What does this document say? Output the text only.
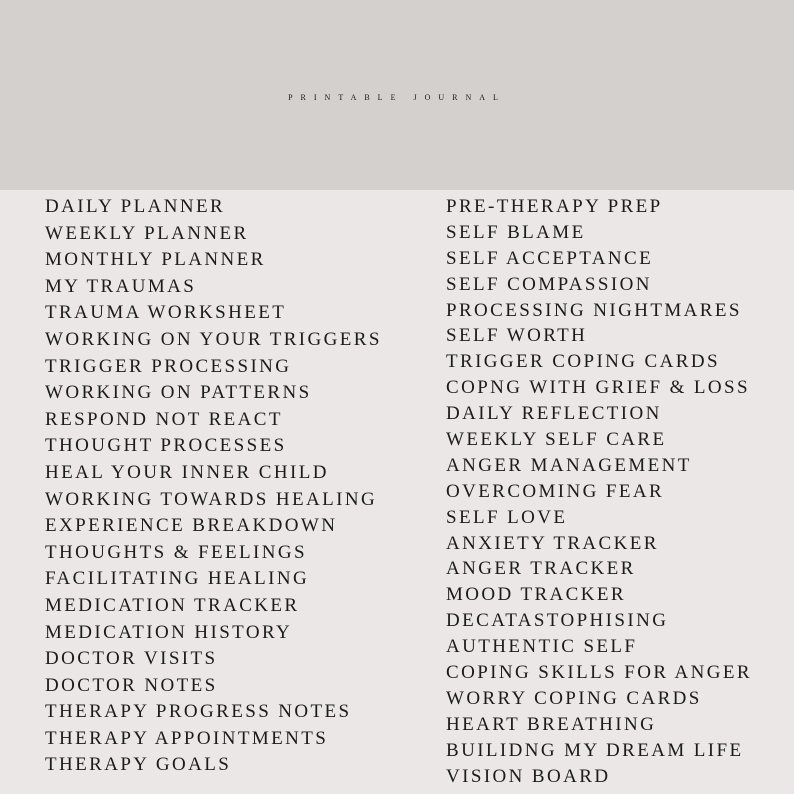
PRINTABLE JOURNAL
DAILY PLANNER
WEEKLY PLANNER
MONTHLY PLANNER
MY TRAUMAS
TRAUMA WORKSHEET
WORKING ON YOUR TRIGGERS
TRIGGER PROCESSING
WORKING ON PATTERNS
RESPOND NOT REACT
THOUGHT PROCESSES
HEAL YOUR INNER CHILD
WORKING TOWARDS HEALING
EXPERIENCE BREAKDOWN
THOUGHTS & FEELINGS
FACILITATING HEALING
MEDICATION TRACKER
MEDICATION HISTORY
DOCTOR VISITS
DOCTOR NOTES
THERAPY PROGRESS NOTES
THERAPY APPOINTMENTS
THERAPY GOALS
PRE-THERAPY PREP
SELF BLAME
SELF ACCEPTANCE
SELF COMPASSION
PROCESSING NIGHTMARES
SELF WORTH
TRIGGER COPING CARDS
COPNG WITH GRIEF & LOSS
DAILY REFLECTION
WEEKLY SELF CARE
ANGER MANAGEMENT
OVERCOMING FEAR
SELF LOVE
ANXIETY TRACKER
ANGER TRACKER
MOOD TRACKER
DECATASTOPHISING
AUTHENTIC SELF
COPING SKILLS FOR ANGER
WORRY COPING CARDS
HEART BREATHING
BUILIDNG MY DREAM LIFE
VISION BOARD
